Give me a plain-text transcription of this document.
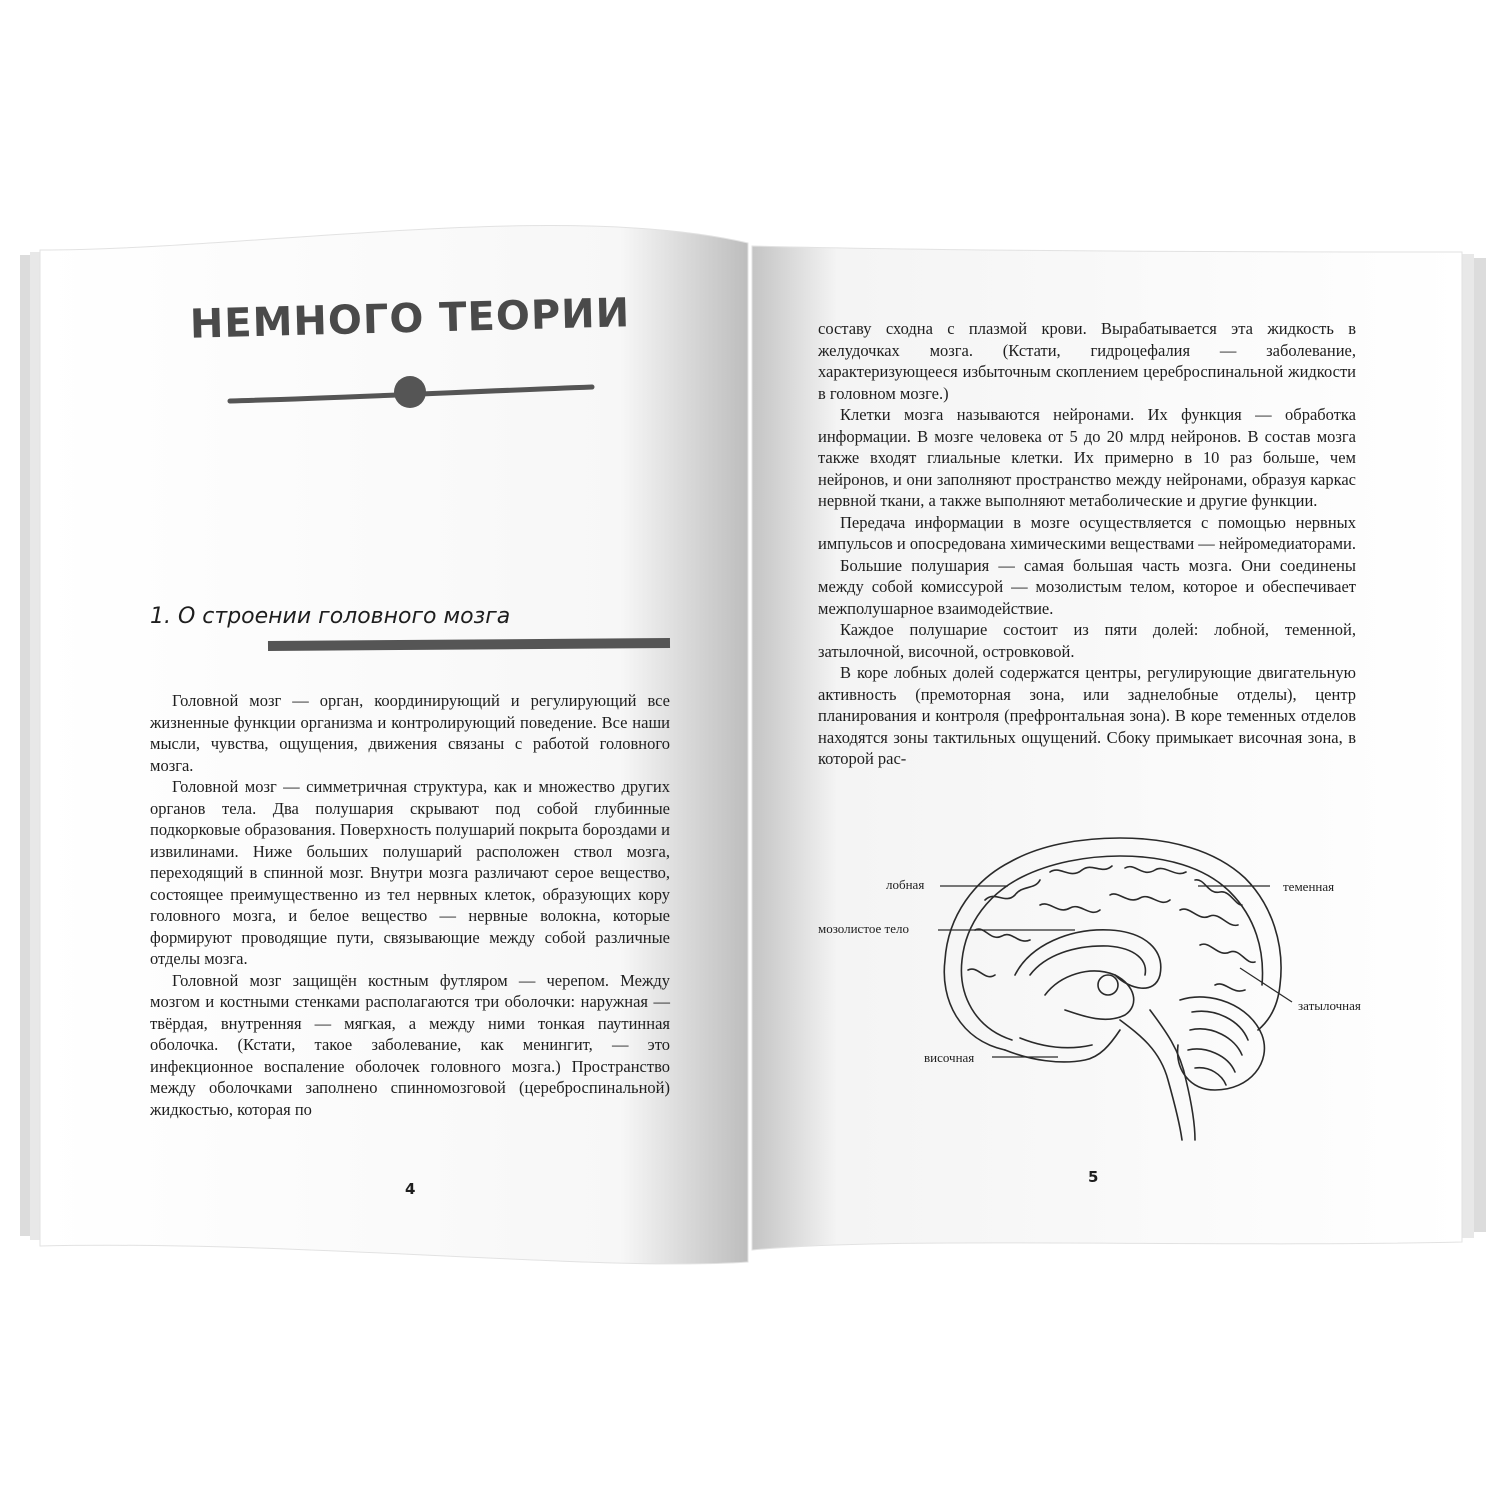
НЕМНОГО ТЕОРИИ
1. О строении головного мозга

Головной мозг — орган, координирующий и регулирующий все жизненные функции организма и контролирующий поведение. Все наши мысли, чувства, ощущения, движения связаны с работой головного мозга.

Головной мозг — симметричная структура, как и множество других органов тела. Два полушария скрывают под собой глубинные подкорковые образования. Поверхность полушарий покрыта бороздами и извилинами. Ниже больших полушарий расположен ствол мозга, переходящий в спинной мозг. Внутри мозга различают серое вещество, состоящее преимущественно из тел нервных клеток, образующих кору головного мозга, и белое вещество — нервные волокна, которые формируют проводящие пути, связывающие между собой различные отделы мозга.

Головной мозг защищён костным футляром — черепом. Между мозгом и костными стенками располагаются три оболочки: наружная — твёрдая, внутренняя — мягкая, а между ними тонкая паутинная оболочка. (Кстати, такое заболевание, как менингит, — это инфекционное воспаление оболочек головного мозга.) Пространство между оболочками заполнено спинномозговой (цереброспинальной) жидкостью, которая по

4

составу сходна с плазмой крови. Вырабатывается эта жидкость в желудочках мозга. (Кстати, гидроцефалия — заболевание, характеризующееся избыточным скоплением цереброспинальной жидкости в головном мозге.)

Клетки мозга называются нейронами. Их функция — обработка информации. В мозге человека от 5 до 20 млрд нейронов. В состав мозга также входят глиальные клетки. Их примерно в 10 раз больше, чем нейронов, и они заполняют пространство между нейронами, образуя каркас нервной ткани, а также выполняют метаболические и другие функции.

Передача информации в мозге осуществляется с помощью нервных импульсов и опосредована химическими веществами — нейромедиаторами.

Большие полушария — самая большая часть мозга. Они соединены между собой комиссурой — мозолистым телом, которое и обеспечивает межполушарное взаимодействие.

Каждое полушарие состоит из пяти долей: лобной, теменной, затылочной, височной, островковой.

В коре лобных долей содержатся центры, регулирующие двигательную активность (премоторная зона, или заднелобные отделы), центр планирования и контроля (префронтальная зона). В коре теменных отделов находятся зоны тактильных ощущений. Сбоку примыкает височная зона, в которой рас-

лобная	теменная
мозолистое тело
затылочная
височная
5
